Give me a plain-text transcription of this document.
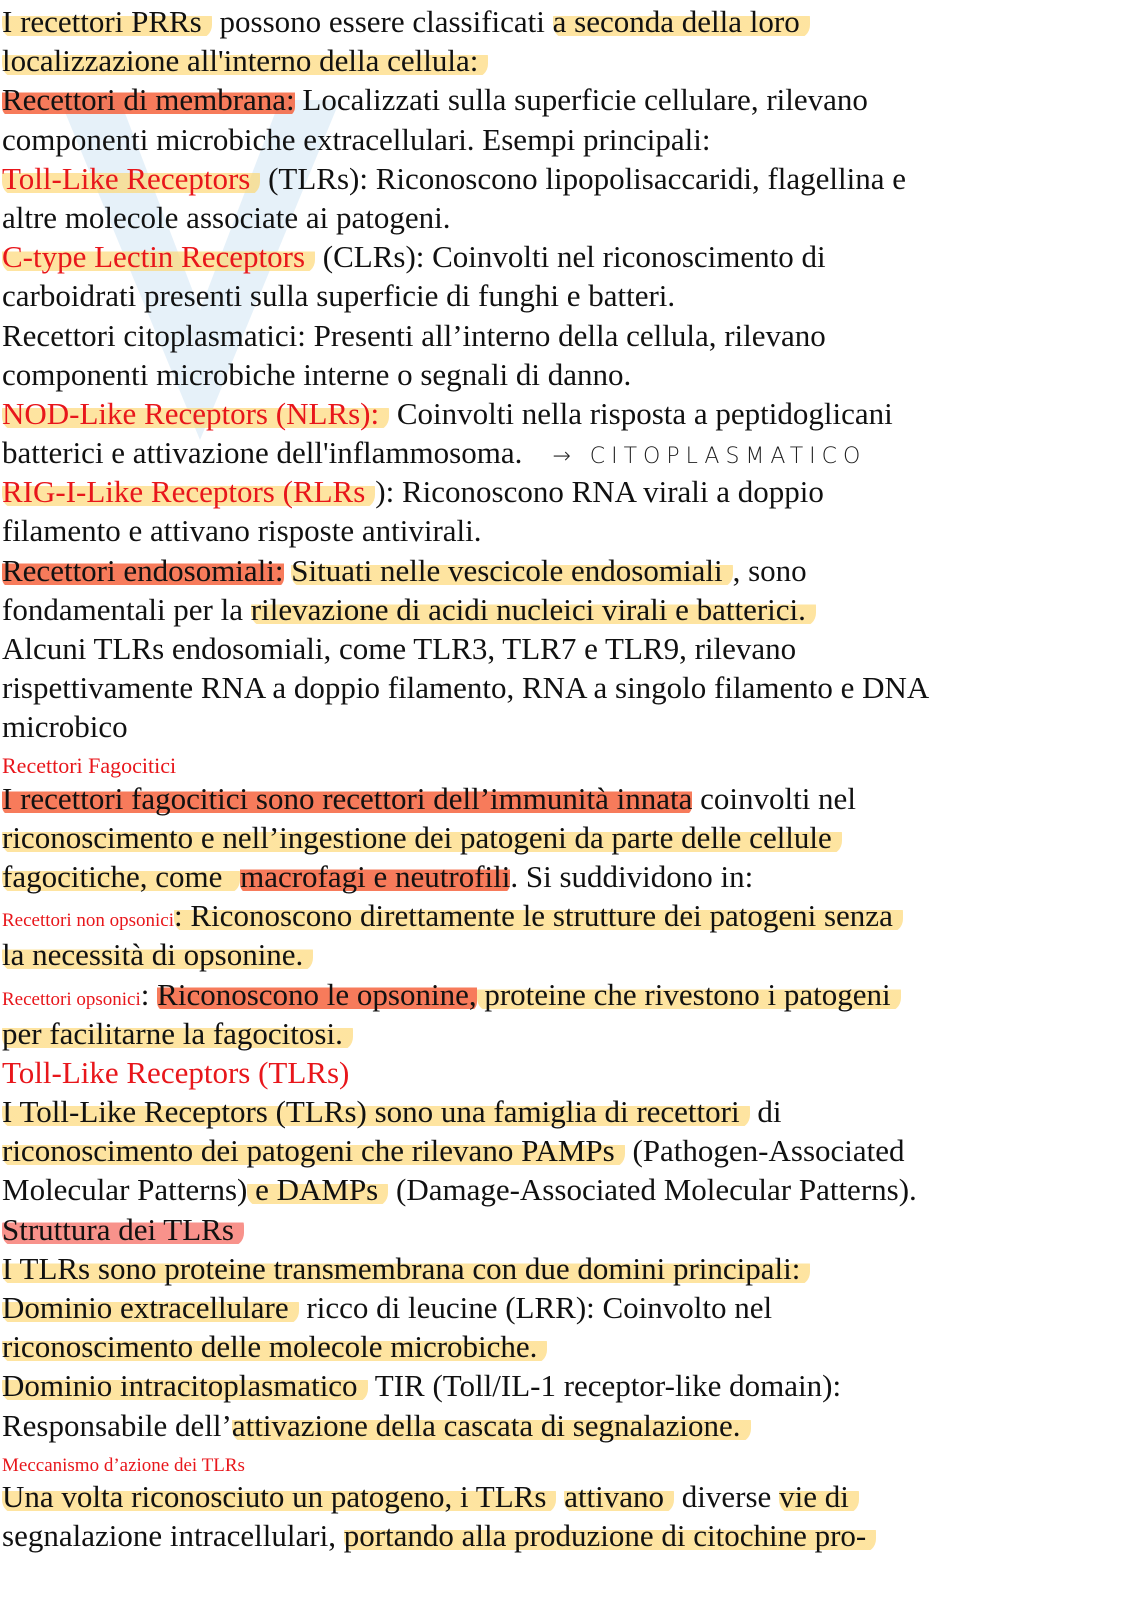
I recettori PRRs possono essere classificati a seconda della loro
localizzazione all'interno della cellula:
Recettori di membrana: Localizzati sulla superficie cellulare, rilevano
componenti microbiche extracellulari. Esempi principali:
Toll-Like Receptors (TLRs): Riconoscono lipopolisaccaridi, flagellina e
altre molecole associate ai patogeni.
C-type Lectin Receptors (CLRs): Coinvolti nel riconoscimento di
carboidrati presenti sulla superficie di funghi e batteri.
Recettori citoplasmatici: Presenti all’interno della cellula, rilevano
componenti microbiche interne o segnali di danno.
NOD-Like Receptors (NLRs): Coinvolti nella risposta a peptidoglicani
batterici e attivazione dell'inflammosoma. → CITOPLASMATICO
RIG-I-Like Receptors (RLRs ): Riconoscono RNA virali a doppio
filamento e attivano risposte antivirali.
Recettori endosomiali: Situati nelle vescicole endosomiali , sono
fondamentali per la rilevazione di acidi nucleici virali e batterici.
Alcuni TLRs endosomiali, come TLR3, TLR7 e TLR9, rilevano
rispettivamente RNA a doppio filamento, RNA a singolo filamento e DNA
microbico
Recettori Fagocitici
I recettori fagocitici sono recettori dell’immunità innata coinvolti nel
riconoscimento e nell’ingestione dei patogeni da parte delle cellule
fagocitiche, come macrofagi e neutrofili. Si suddividono in:
Recettori non opsonici: Riconoscono direttamente le strutture dei patogeni senza
la necessità di opsonine.
Recettori opsonici: Riconoscono le opsonine, proteine che rivestono i patogeni
per facilitarne la fagocitosi.
Toll-Like Receptors (TLRs)
I Toll-Like Receptors (TLRs) sono una famiglia di recettori di
riconoscimento dei patogeni che rilevano PAMPs (Pathogen-Associated
Molecular Patterns) e DAMPs (Damage-Associated Molecular Patterns).
Struttura dei TLRs
I TLRs sono proteine transmembrana con due domini principali:
Dominio extracellulare ricco di leucine (LRR): Coinvolto nel
riconoscimento delle molecole microbiche.
Dominio intracitoplasmatico TIR (Toll/IL-1 receptor-like domain):
Responsabile dell’attivazione della cascata di segnalazione.
Meccanismo d’azione dei TLRs
Una volta riconosciuto un patogeno, i TLRs attivano diverse vie di
segnalazione intracellulari, portando alla produzione di citochine pro-
